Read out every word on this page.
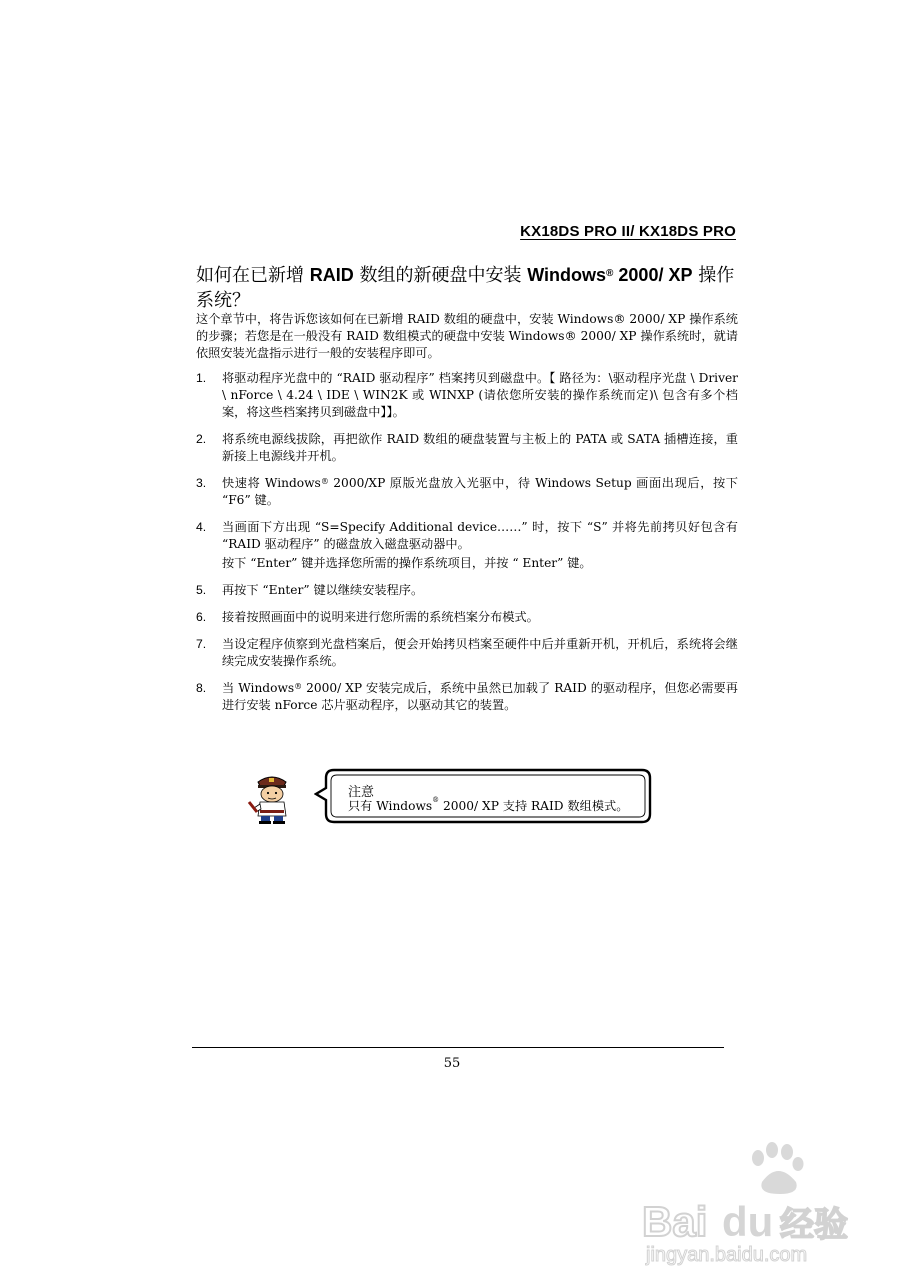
KX18DS PRO II/ KX18DS PRO
如何在已新增 RAID 数组的新硬盘中安装 Windows® 2000/ XP 操作系统？

这个章节中，将告诉您该如何在已新增 RAID 数组的硬盘中，安装 Windows® 2000/ XP 操作系统的步骤；若您是在一般没有 RAID 数组模式的硬盘中安装 Windows® 2000/ XP 操作系统时，就请依照安装光盘指示进行一般的安装程序即可。

1. 将驱动程序光盘中的 “RAID 驱动程序” 档案拷贝到磁盘中。【 路径为：\驱动程序光盘 \ Driver \ nForce \ 4.24 \ IDE \ WIN2K 或 WINXP (请依您所安装的操作系统而定)\ 包含有多个档案，将这些档案拷贝到磁盘中】】。
2. 将系统电源线拔除，再把欲作 RAID 数组的硬盘装置与主板上的 PATA 或 SATA 插槽连接，重新接上电源线并开机。
3. 快速将 Windows® 2000/XP 原版光盘放入光驱中，待 Windows Setup 画面出现后，按下 “F6” 键。
4. 当画面下方出现 “S=Specify Additional device……” 时，按下 “S” 并将先前拷贝好包含有 “RAID 驱动程序” 的磁盘放入磁盘驱动器中。
按下 “Enter” 键并选择您所需的操作系统项目，并按 “ Enter” 键。
5. 再按下 “Enter” 键以继续安装程序。
6. 接着按照画面中的说明来进行您所需的系统档案分布模式。
7. 当设定程序侦察到光盘档案后，便会开始拷贝档案至硬件中后并重新开机，开机后，系统将会继续完成安装操作系统。
8. 当 Windows® 2000/ XP 安装完成后，系统中虽然已加载了 RAID 的驱动程序，但您必需要再进行安装 nForce 芯片驱动程序，以驱动其它的装置。
注意
只有 Windows® 2000/ XP 支持 RAID 数组模式。
55
Bai du 经验
jingyan.baidu.com
